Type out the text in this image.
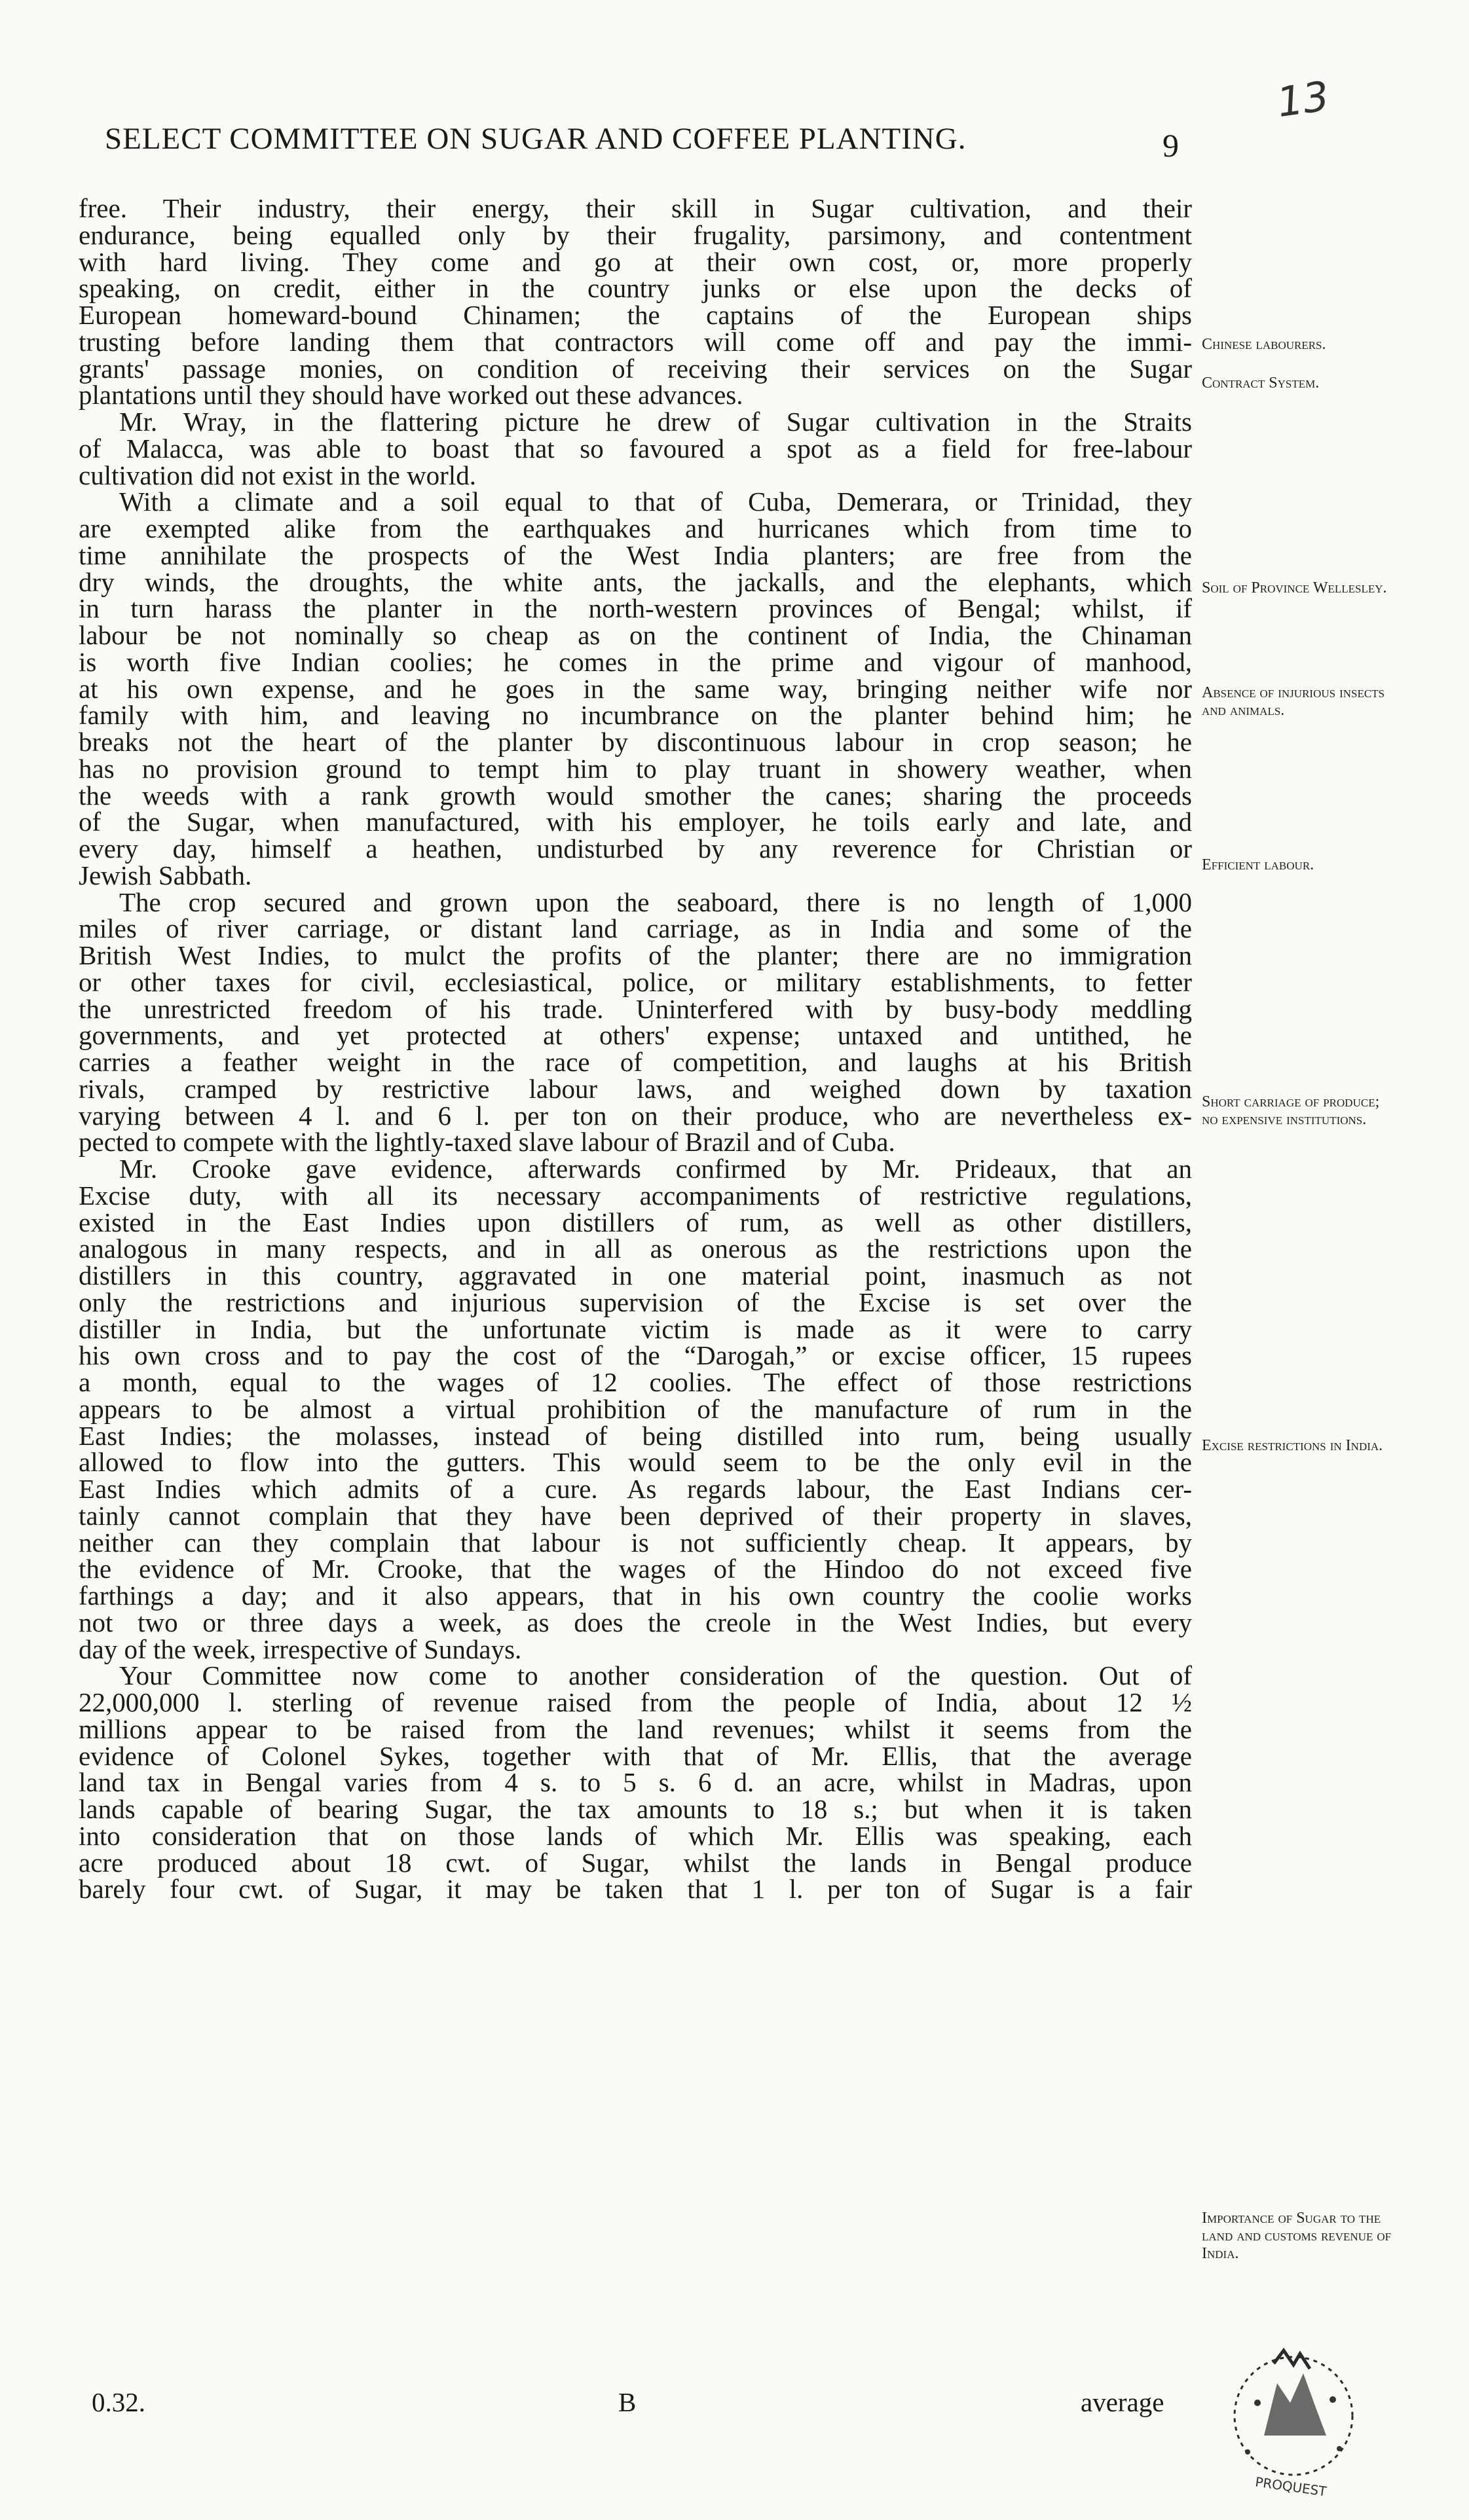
SELECT COMMITTEE ON SUGAR AND COFFEE PLANTING.	9
13
free. Their industry, their energy, their skill in Sugar cultivation, and their
endurance, being equalled only by their frugality, parsimony, and contentment
with hard living. They come and go at their own cost, or, more properly
speaking, on credit, either in the country junks or else upon the decks of
European homeward-bound Chinamen; the captains of the European ships
trusting before landing them that contractors will come off and pay the immi-
grants' passage monies, on condition of receiving their services on the Sugar
plantations until they should have worked out these advances.
Mr. Wray, in the flattering picture he drew of Sugar cultivation in the Straits
of Malacca, was able to boast that so favoured a spot as a field for free-labour
cultivation did not exist in the world.
With a climate and a soil equal to that of Cuba, Demerara, or Trinidad, they
are exempted alike from the earthquakes and hurricanes which from time to
time annihilate the prospects of the West India planters; are free from the
dry winds, the droughts, the white ants, the jackalls, and the elephants, which
in turn harass the planter in the north-western provinces of Bengal; whilst, if
labour be not nominally so cheap as on the continent of India, the Chinaman
is worth five Indian coolies; he comes in the prime and vigour of manhood,
at his own expense, and he goes in the same way, bringing neither wife nor
family with him, and leaving no incumbrance on the planter behind him; he
breaks not the heart of the planter by discontinuous labour in crop season; he
has no provision ground to tempt him to play truant in showery weather, when
the weeds with a rank growth would smother the canes; sharing the proceeds
of the Sugar, when manufactured, with his employer, he toils early and late, and
every day, himself a heathen, undisturbed by any reverence for Christian or
Jewish Sabbath.
The crop secured and grown upon the seaboard, there is no length of 1,000
miles of river carriage, or distant land carriage, as in India and some of the
British West Indies, to mulct the profits of the planter; there are no immigration
or other taxes for civil, ecclesiastical, police, or military establishments, to fetter
the unrestricted freedom of his trade. Uninterfered with by busy-body meddling
governments, and yet protected at others' expense; untaxed and untithed, he
carries a feather weight in the race of competition, and laughs at his British
rivals, cramped by restrictive labour laws, and weighed down by taxation
varying between 4 l. and 6 l. per ton on their produce, who are nevertheless ex-
pected to compete with the lightly-taxed slave labour of Brazil and of Cuba.
Mr. Crooke gave evidence, afterwards confirmed by Mr. Prideaux, that an
Excise duty, with all its necessary accompaniments of restrictive regulations,
existed in the East Indies upon distillers of rum, as well as other distillers,
analogous in many respects, and in all as onerous as the restrictions upon the
distillers in this country, aggravated in one material point, inasmuch as not
only the restrictions and injurious supervision of the Excise is set over the
distiller in India, but the unfortunate victim is made as it were to carry
his own cross and to pay the cost of the “Darogah,” or excise officer, 15 rupees
a month, equal to the wages of 12 coolies. The effect of those restrictions
appears to be almost a virtual prohibition of the manufacture of rum in the
East Indies; the molasses, instead of being distilled into rum, being usually
allowed to flow into the gutters. This would seem to be the only evil in the
East Indies which admits of a cure. As regards labour, the East Indians cer-
tainly cannot complain that they have been deprived of their property in slaves,
neither can they complain that labour is not sufficiently cheap. It appears, by
the evidence of Mr. Crooke, that the wages of the Hindoo do not exceed five
farthings a day; and it also appears, that in his own country the coolie works
not two or three days a week, as does the creole in the West Indies, but every
day of the week, irrespective of Sundays.
Your Committee now come to another consideration of the question. Out of
22,000,000 l. sterling of revenue raised from the people of India, about 12 ½
millions appear to be raised from the land revenues; whilst it seems from the
evidence of Colonel Sykes, together with that of Mr. Ellis, that the average
land tax in Bengal varies from 4 s. to 5 s. 6 d. an acre, whilst in Madras, upon
lands capable of bearing Sugar, the tax amounts to 18 s.; but when it is taken
into consideration that on those lands of which Mr. Ellis was speaking, each
acre produced about 18 cwt. of Sugar, whilst the lands in Bengal produce
barely four cwt. of Sugar, it may be taken that 1 l. per ton of Sugar is a fair
Chinese labourers.
Contract System.
Soil of Province Wellesley.
Absence of injurious insects and animals.
Efficient labour.
Short carriage of produce; no expensive institutions.
Excise restrictions in India.
Importance of Sugar to the land and customs revenue of India.
0.32.	B	average
PROQUEST
